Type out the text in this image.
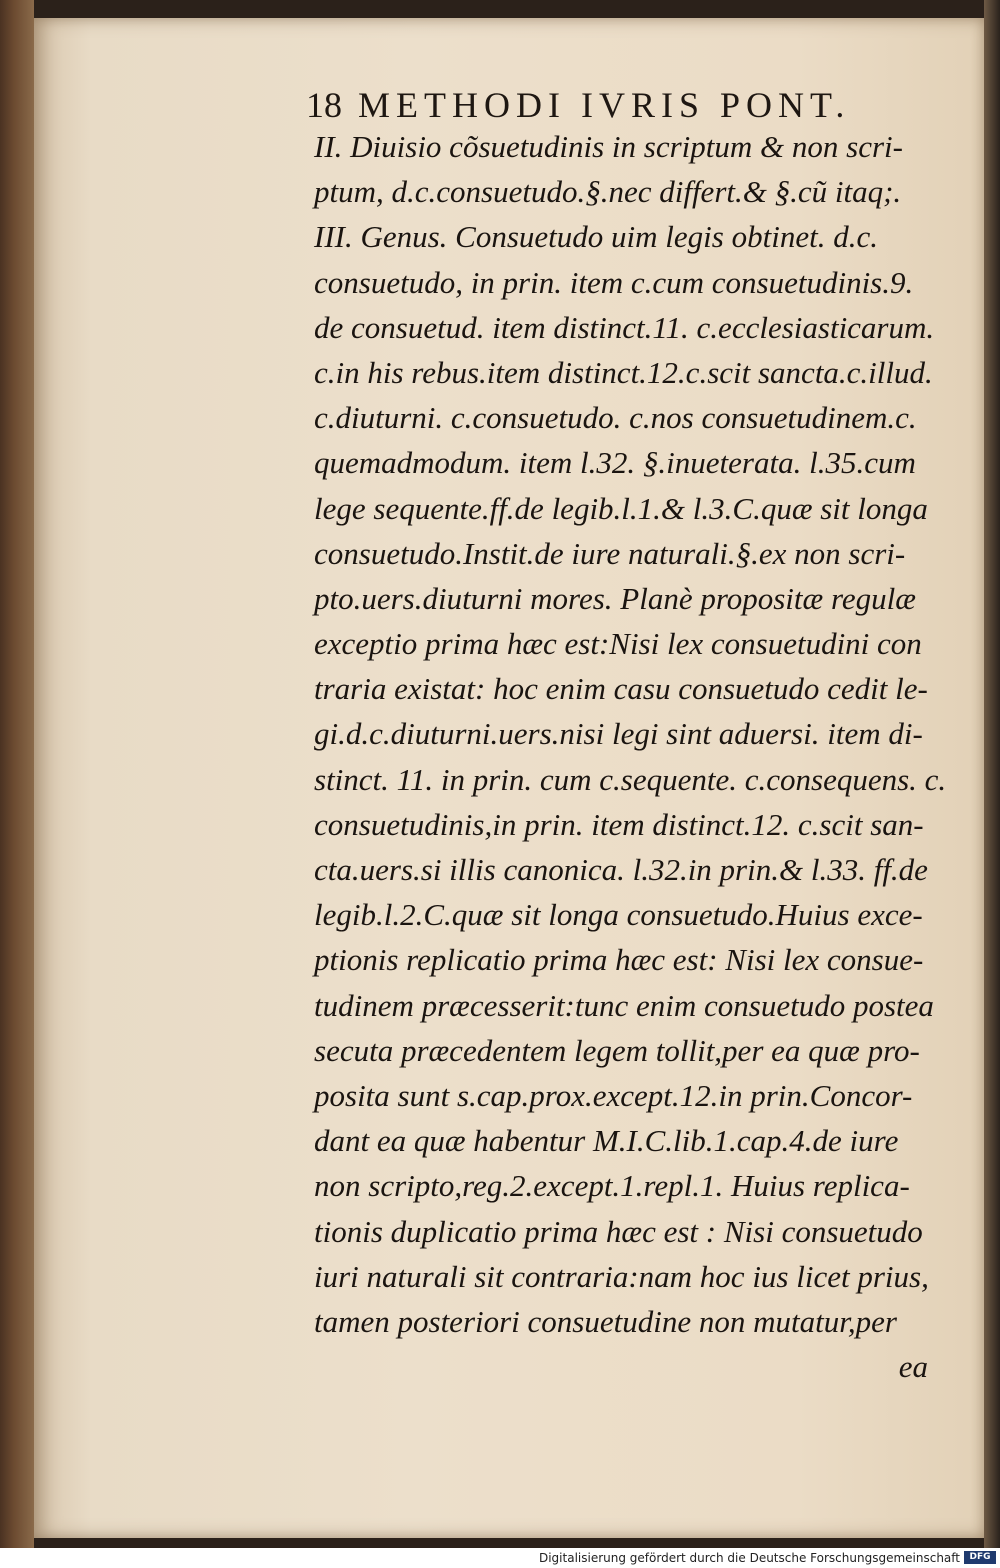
18 METHODI IVRIS PONT.
II. Diuisio cõsuetudinis in scriptum & non scri-
ptum, d.c.consuetudo.§.nec differt.& §.cũ itaq;.
III. Genus. Consuetudo uim legis obtinet. d.c.
consuetudo, in prin. item c.cum consuetudinis.9.
de consuetud. item distinct.11. c.ecclesiasticarum.
c.in his rebus.item distinct.12.c.scit sancta.c.illud.
c.diuturni. c.consuetudo. c.nos consuetudinem.c.
quemadmodum. item l.32. §.inueterata. l.35.cum
lege sequente.ff.de legib.l.1.& l.3.C.quæ sit longa
consuetudo.Instit.de iure naturali.§.ex non scri-
pto.uers.diuturni mores. Planè propositæ regulæ
exceptio prima hæc est:Nisi lex consuetudini con
traria existat: hoc enim casu consuetudo cedit le-
gi.d.c.diuturni.uers.nisi legi sint aduersi. item di-
stinct. 11. in prin. cum c.sequente. c.consequens. c.
consuetudinis,in prin. item distinct.12. c.scit san-
cta.uers.si illis canonica. l.32.in prin.& l.33. ff.de
legib.l.2.C.quæ sit longa consuetudo.Huius exce-
ptionis replicatio prima hæc est: Nisi lex consue-
tudinem præcesserit:tunc enim consuetudo postea
secuta præcedentem legem tollit,per ea quæ pro-
posita sunt s.cap.prox.except.12.in prin.Concor-
dant ea quæ habentur M.I.C.lib.1.cap.4.de iure
non scripto,reg.2.except.1.repl.1. Huius replica-
tionis duplicatio prima hæc est : Nisi consuetudo
iuri naturali sit contraria:nam hoc ius licet prius,
tamen posteriori consuetudine non mutatur,per
ea
Digitalisierung gefördert durch die Deutsche Forschungsgemeinschaft	DFG
